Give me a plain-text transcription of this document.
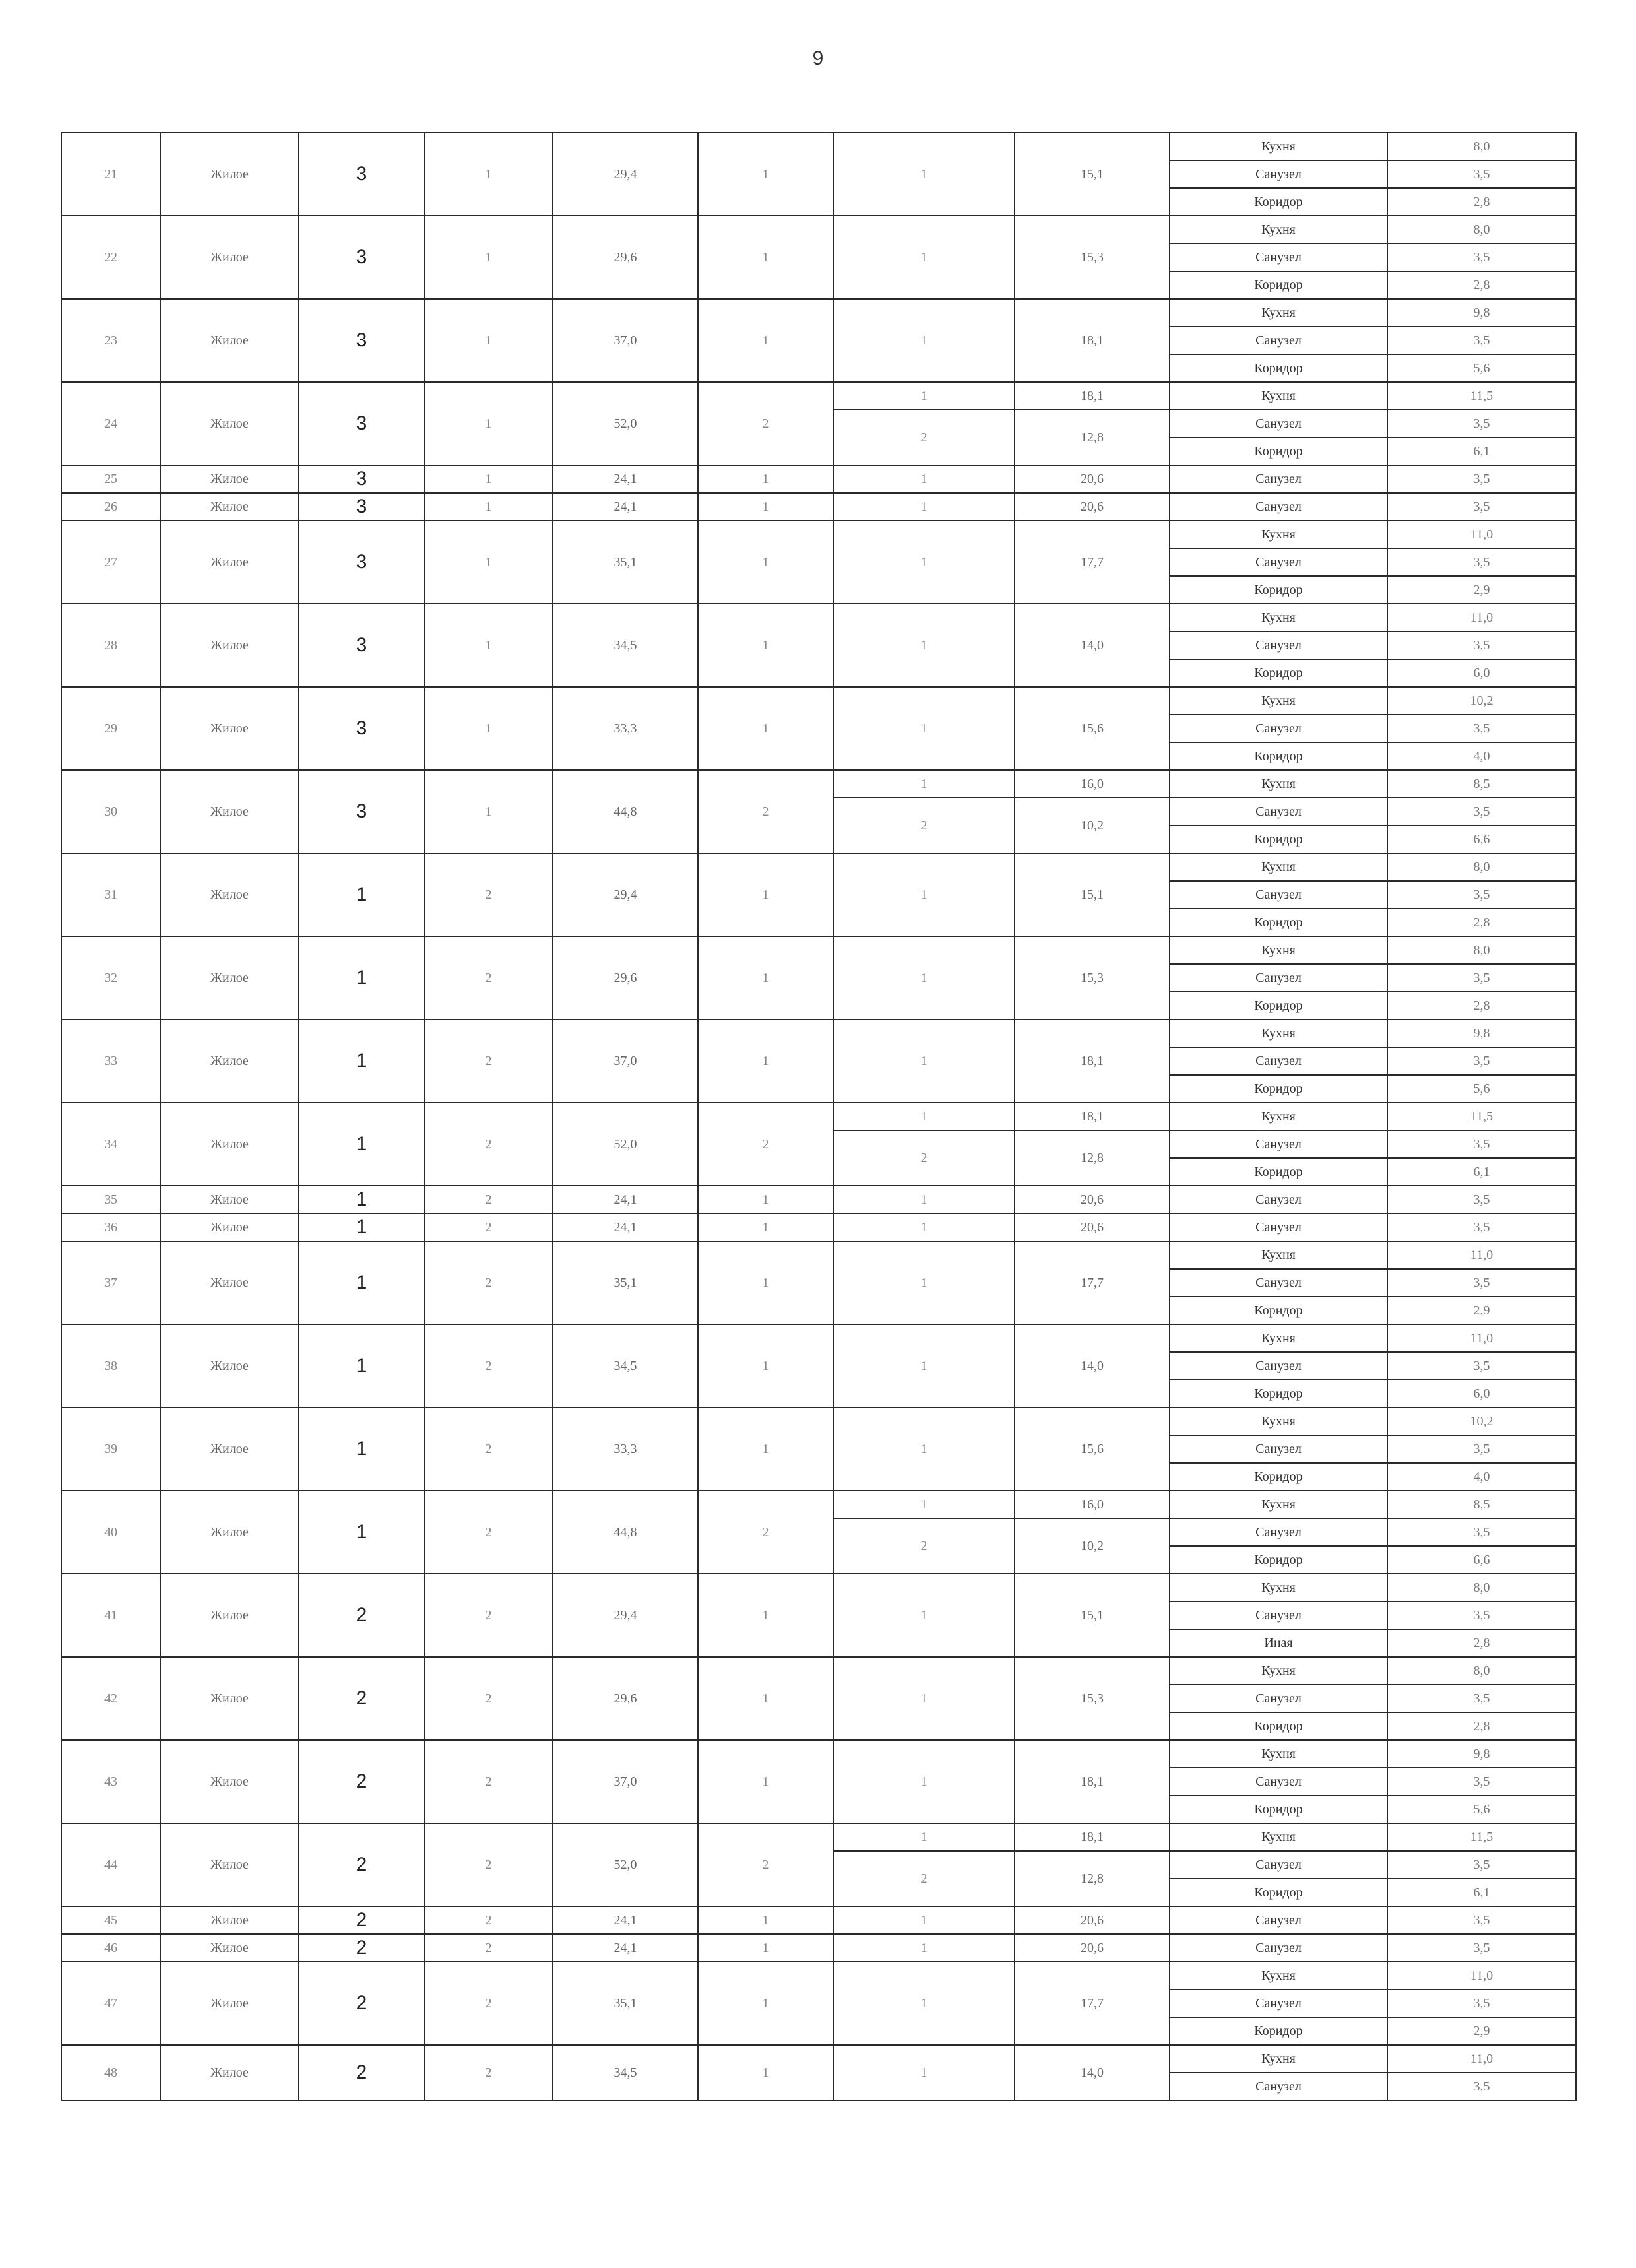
9
21	Жилое	3	1	29,4	1	1	15,1	Кухня	8,0
								Санузел	3,5
								Коридор	2,8
22	Жилое	3	1	29,6	1	1	15,3	Кухня	8,0
								Санузел	3,5
								Коридор	2,8
23	Жилое	3	1	37,0	1	1	18,1	Кухня	9,8
								Санузел	3,5
								Коридор	5,6
24	Жилое	3	1	52,0	2	1	18,1	Кухня	11,5
						2	12,8	Санузел	3,5
								Коридор	6,1
25	Жилое	3	1	24,1	1	1	20,6	Санузел	3,5
26	Жилое	3	1	24,1	1	1	20,6	Санузел	3,5
27	Жилое	3	1	35,1	1	1	17,7	Кухня	11,0
								Санузел	3,5
								Коридор	2,9
28	Жилое	3	1	34,5	1	1	14,0	Кухня	11,0
								Санузел	3,5
								Коридор	6,0
29	Жилое	3	1	33,3	1	1	15,6	Кухня	10,2
								Санузел	3,5
								Коридор	4,0
30	Жилое	3	1	44,8	2	1	16,0	Кухня	8,5
						2	10,2	Санузел	3,5
								Коридор	6,6
31	Жилое	1	2	29,4	1	1	15,1	Кухня	8,0
								Санузел	3,5
								Коридор	2,8
32	Жилое	1	2	29,6	1	1	15,3	Кухня	8,0
								Санузел	3,5
								Коридор	2,8
33	Жилое	1	2	37,0	1	1	18,1	Кухня	9,8
								Санузел	3,5
								Коридор	5,6
34	Жилое	1	2	52,0	2	1	18,1	Кухня	11,5
						2	12,8	Санузел	3,5
								Коридор	6,1
35	Жилое	1	2	24,1	1	1	20,6	Санузел	3,5
36	Жилое	1	2	24,1	1	1	20,6	Санузел	3,5
37	Жилое	1	2	35,1	1	1	17,7	Кухня	11,0
								Санузел	3,5
								Коридор	2,9
38	Жилое	1	2	34,5	1	1	14,0	Кухня	11,0
								Санузел	3,5
								Коридор	6,0
39	Жилое	1	2	33,3	1	1	15,6	Кухня	10,2
								Санузел	3,5
								Коридор	4,0
40	Жилое	1	2	44,8	2	1	16,0	Кухня	8,5
						2	10,2	Санузел	3,5
								Коридор	6,6
41	Жилое	2	2	29,4	1	1	15,1	Кухня	8,0
								Санузел	3,5
								Иная	2,8
42	Жилое	2	2	29,6	1	1	15,3	Кухня	8,0
								Санузел	3,5
								Коридор	2,8
43	Жилое	2	2	37,0	1	1	18,1	Кухня	9,8
								Санузел	3,5
								Коридор	5,6
44	Жилое	2	2	52,0	2	1	18,1	Кухня	11,5
						2	12,8	Санузел	3,5
								Коридор	6,1
45	Жилое	2	2	24,1	1	1	20,6	Санузел	3,5
46	Жилое	2	2	24,1	1	1	20,6	Санузел	3,5
47	Жилое	2	2	35,1	1	1	17,7	Кухня	11,0
								Санузел	3,5
								Коридор	2,9
48	Жилое	2	2	34,5	1	1	14,0	Кухня	11,0
								Санузел	3,5
